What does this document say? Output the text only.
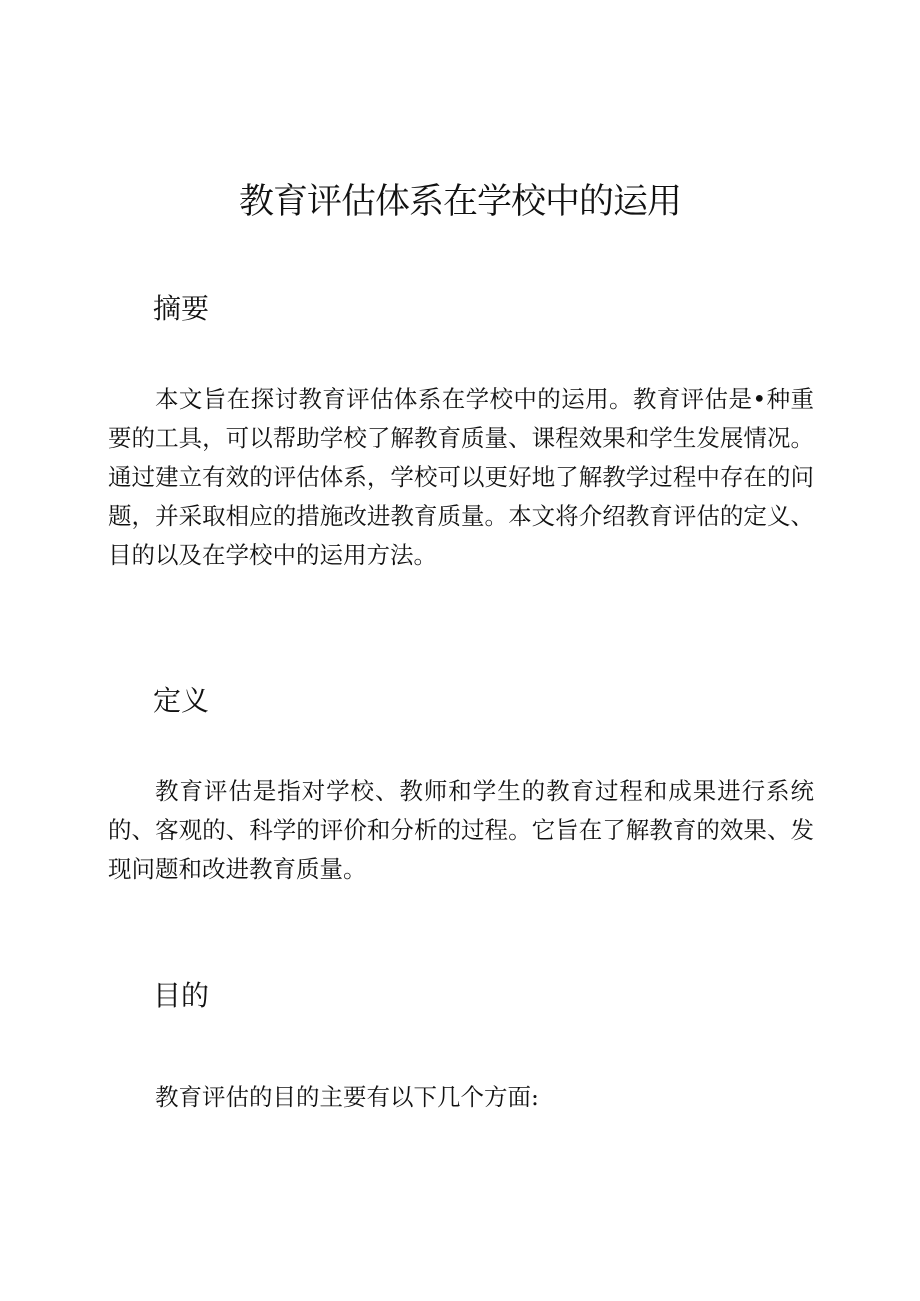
教育评估体系在学校中的运用
摘要

本文旨在探讨教育评估体系在学校中的运用。教育评估是•种重要的工具，可以帮助学校了解教育质量、课程效果和学生发展情况。通过建立有效的评估体系，学校可以更好地了解教学过程中存在的问题，并采取相应的措施改进教育质量。本文将介绍教育评估的定义、目的以及在学校中的运用方法。

定义

教育评估是指对学校、教师和学生的教育过程和成果进行系统的、客观的、科学的评价和分析的过程。它旨在了解教育的效果、发现问题和改进教育质量。

目的

教育评估的目的主要有以下几个方面:
